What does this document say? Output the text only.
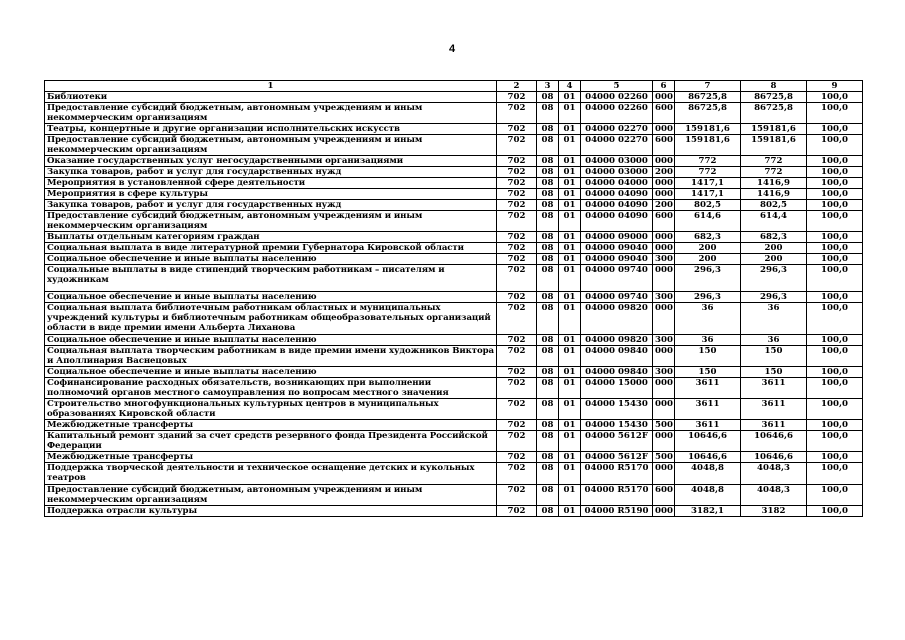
4
1	2	3	4	5	6	7	8	9
Библиотеки	702	08	01	04000 02260	000	86725,8	86725,8	100,0
Предоставление субсидий бюджетным, автономным учреждениям и иным некоммерческим организациям	702	08	01	04000 02260	600	86725,8	86725,8	100,0
Театры, концертные и другие организации исполнительских искусств	702	08	01	04000 02270	000	159181,6	159181,6	100,0
Предоставление субсидий бюджетным, автономным учреждениям и иным некоммерческим организациям	702	08	01	04000 02270	600	159181,6	159181,6	100,0
Оказание государственных услуг негосударственными организациями	702	08	01	04000 03000	000	772	772	100,0
Закупка товаров, работ и услуг для государственных нужд	702	08	01	04000 03000	200	772	772	100,0
Мероприятия в установленной сфере деятельности	702	08	01	04000 04000	000	1417,1	1416,9	100,0
Мероприятия в сфере культуры	702	08	01	04000 04090	000	1417,1	1416,9	100,0
Закупка товаров, работ и услуг для государственных нужд	702	08	01	04000 04090	200	802,5	802,5	100,0
Предоставление субсидий бюджетным, автономным учреждениям и иным некоммерческим организациям	702	08	01	04000 04090	600	614,6	614,4	100,0
Выплаты отдельным категориям граждан	702	08	01	04000 09000	000	682,3	682,3	100,0
Социальная выплата в виде литературной премии Губернатора Кировской области	702	08	01	04000 09040	000	200	200	100,0
Социальное обеспечение и иные выплаты населению	702	08	01	04000 09040	300	200	200	100,0
Социальные выплаты в виде стипендий творческим работникам – писателям и художникам	702	08	01	04000 09740	000	296,3	296,3	100,0
Социальное обеспечение и иные выплаты населению	702	08	01	04000 09740	300	296,3	296,3	100,0
Социальная выплата библиотечным работникам областных и муниципальных учреждений культуры и библиотечным работникам общеобразовательных организаций области в виде премии имени Альберта Лиханова	702	08	01	04000 09820	000	36	36	100,0
Социальное обеспечение и иные выплаты населению	702	08	01	04000 09820	300	36	36	100,0
Социальная выплата творческим работникам в виде премии имени художников Виктора и Аполлинария Васнецовых	702	08	01	04000 09840	000	150	150	100,0
Социальное обеспечение и иные выплаты населению	702	08	01	04000 09840	300	150	150	100,0
Софинансирование расходных обязательств, возникающих при выполнении полномочий органов местного самоуправления по вопросам местного значения	702	08	01	04000 15000	000	3611	3611	100,0
Строительство многофункциональных культурных центров в муниципальных образованиях Кировской области	702	08	01	04000 15430	000	3611	3611	100,0
Межбюджетные трансферты	702	08	01	04000 15430	500	3611	3611	100,0
Капитальный ремонт зданий за счет средств резервного фонда Президента Российской Федерации	702	08	01	04000 5612F	000	10646,6	10646,6	100,0
Межбюджетные трансферты	702	08	01	04000 5612F	500	10646,6	10646,6	100,0
Поддержка творческой деятельности и техническое оснащение детских и кукольных театров	702	08	01	04000 R5170	000	4048,8	4048,3	100,0
Предоставление субсидий бюджетным, автономным учреждениям и иным некоммерческим организациям	702	08	01	04000 R5170	600	4048,8	4048,3	100,0
Поддержка отрасли культуры	702	08	01	04000 R5190	000	3182,1	3182	100,0
